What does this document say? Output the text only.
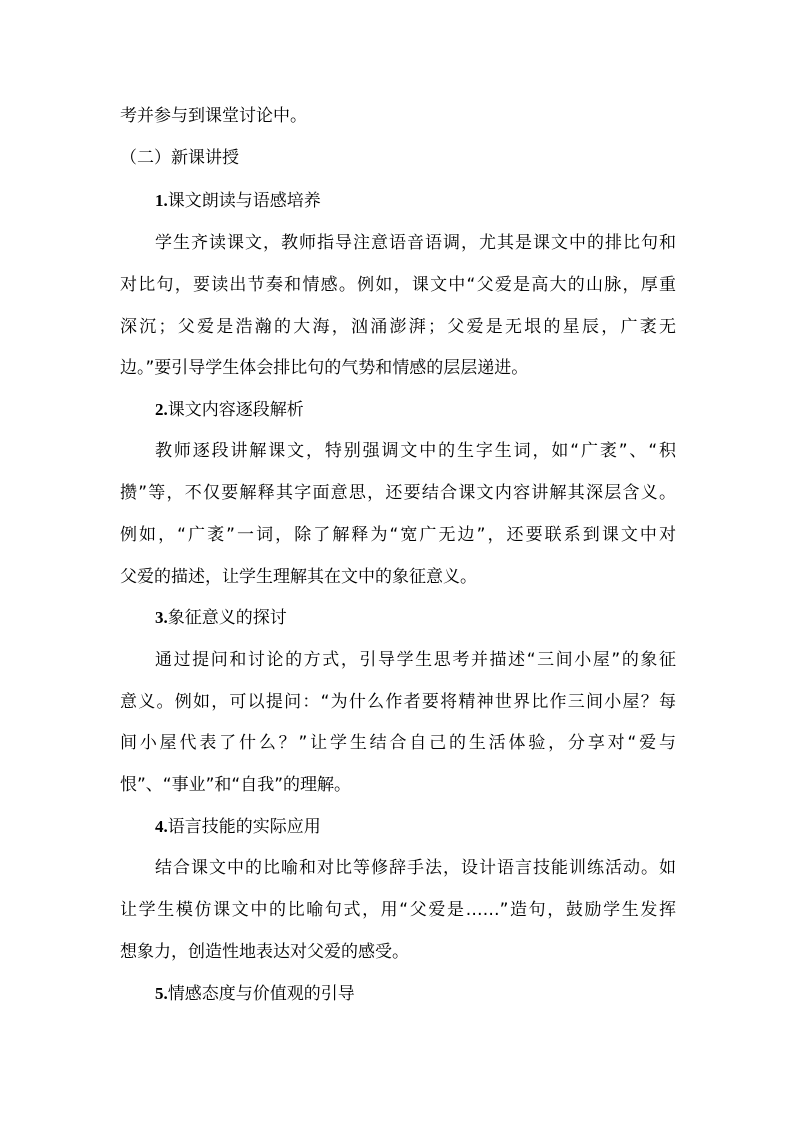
考并参与到课堂讨论中。
（二）新课讲授
1.课文朗读与语感培养
学生齐读课文，教师指导注意语音语调，尤其是课文中的排比句和
对比句，要读出节奏和情感。例如，课文中“父爱是高大的山脉，厚重
深沉；父爱是浩瀚的大海，汹涌澎湃；父爱是无垠的星辰，广袤无
边。”要引导学生体会排比句的气势和情感的层层递进。
2.课文内容逐段解析
教师逐段讲解课文，特别强调文中的生字生词，如“广袤”、“积
攒”等，不仅要解释其字面意思，还要结合课文内容讲解其深层含义。
例如，“广袤”一词，除了解释为“宽广无边”，还要联系到课文中对
父爱的描述，让学生理解其在文中的象征意义。
3.象征意义的探讨
通过提问和讨论的方式，引导学生思考并描述“三间小屋”的象征
意义。例如，可以提问：“为什么作者要将精神世界比作三间小屋？每
间小屋代表了什么？”让学生结合自己的生活体验，分享对“爱与
恨”、“事业”和“自我”的理解。
4.语言技能的实际应用
结合课文中的比喻和对比等修辞手法，设计语言技能训练活动。如
让学生模仿课文中的比喻句式，用“父爱是……”造句，鼓励学生发挥
想象力，创造性地表达对父爱的感受。
5.情感态度与价值观的引导
